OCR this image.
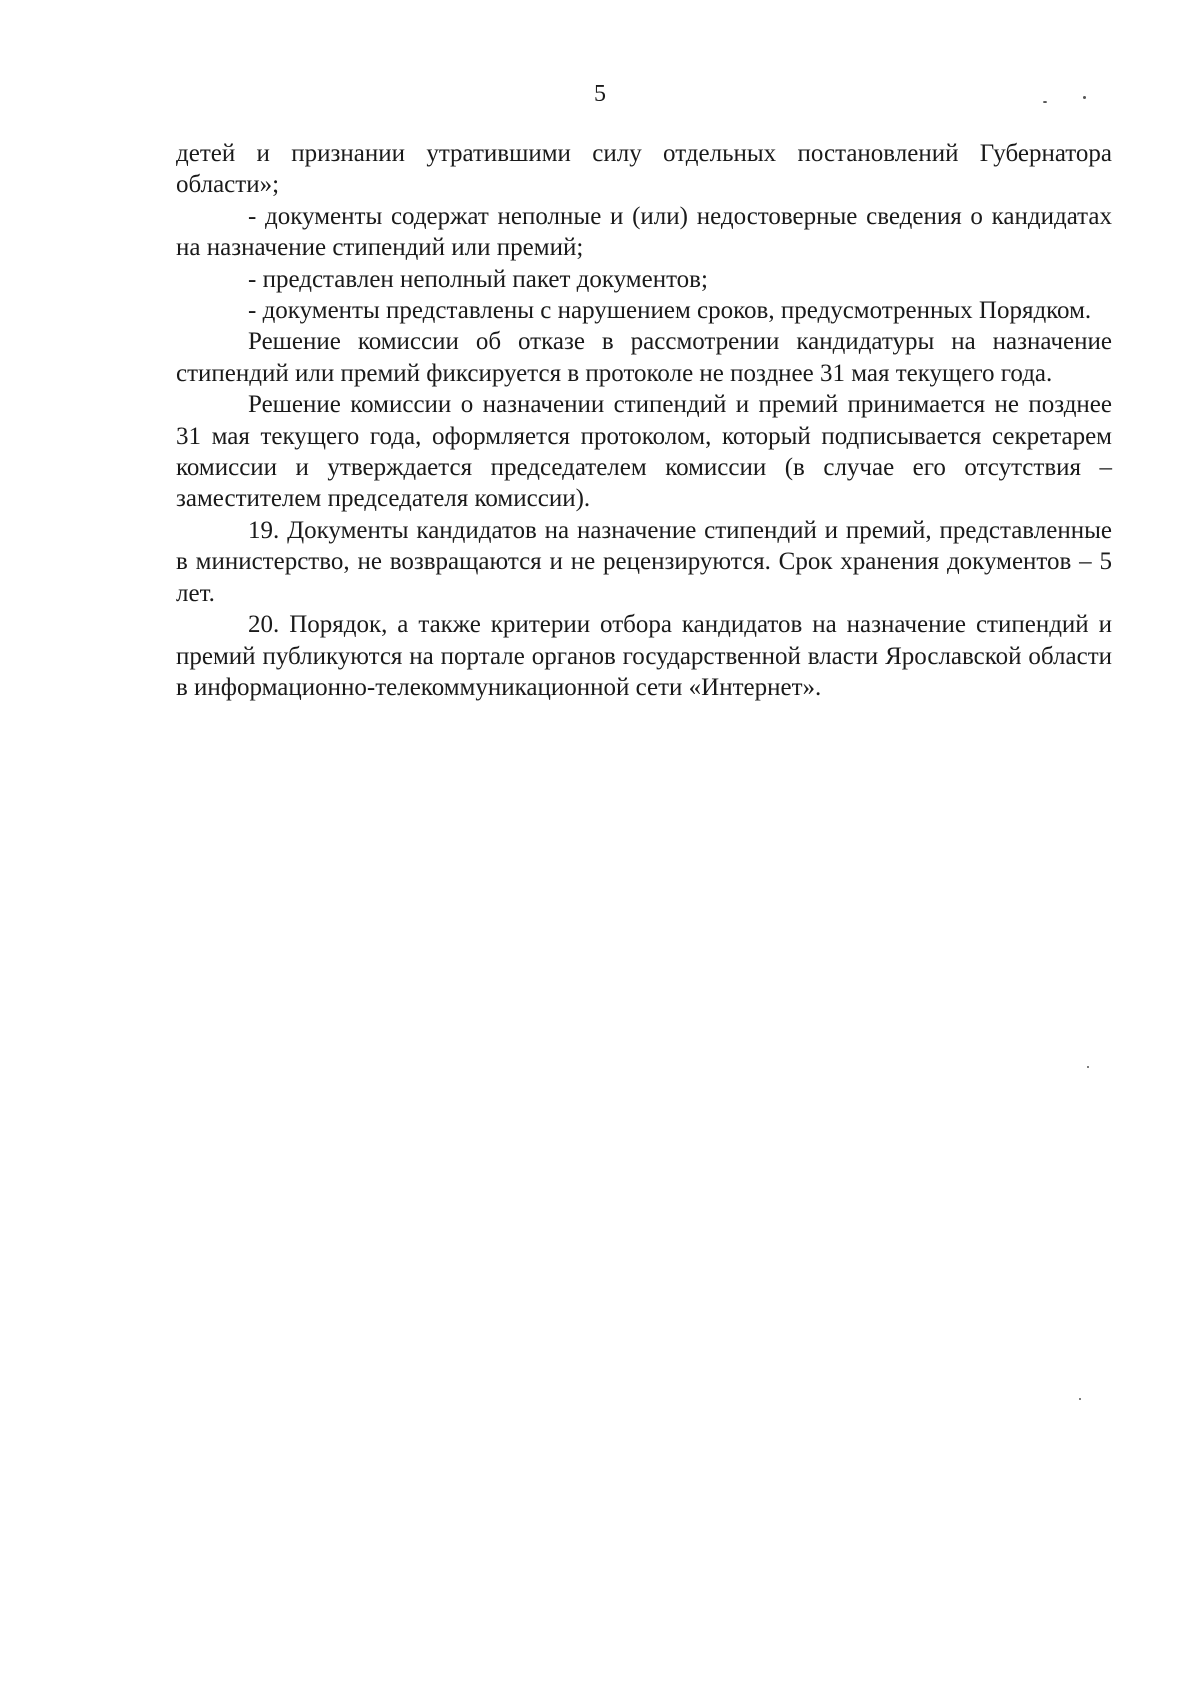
5

детей и признании утратившими силу отдельных постановлений Губернатора области»;

- документы содержат неполные и (или) недостоверные сведения о кандидатах на назначение стипендий или премий;

- представлен неполный пакет документов;

- документы представлены с нарушением сроков, предусмотренных Порядком.

Решение комиссии об отказе в рассмотрении кандидатуры на назначение стипендий или премий фиксируется в протоколе не позднее 31 мая текущего года.

Решение комиссии о назначении стипендий и премий принимается не позднее 31 мая текущего года, оформляется протоколом, который подписывается секретарем комиссии и утверждается председателем комиссии (в случае его отсутствия – заместителем председателя комиссии).

19. Документы кандидатов на назначение стипендий и премий, представленные в министерство, не возвращаются и не рецензируются. Срок хранения документов – 5 лет.

20. Порядок, а также критерии отбора кандидатов на назначение стипендий и премий публикуются на портале органов государственной власти Ярославской области в информационно-телекоммуникационной сети «Интернет».
